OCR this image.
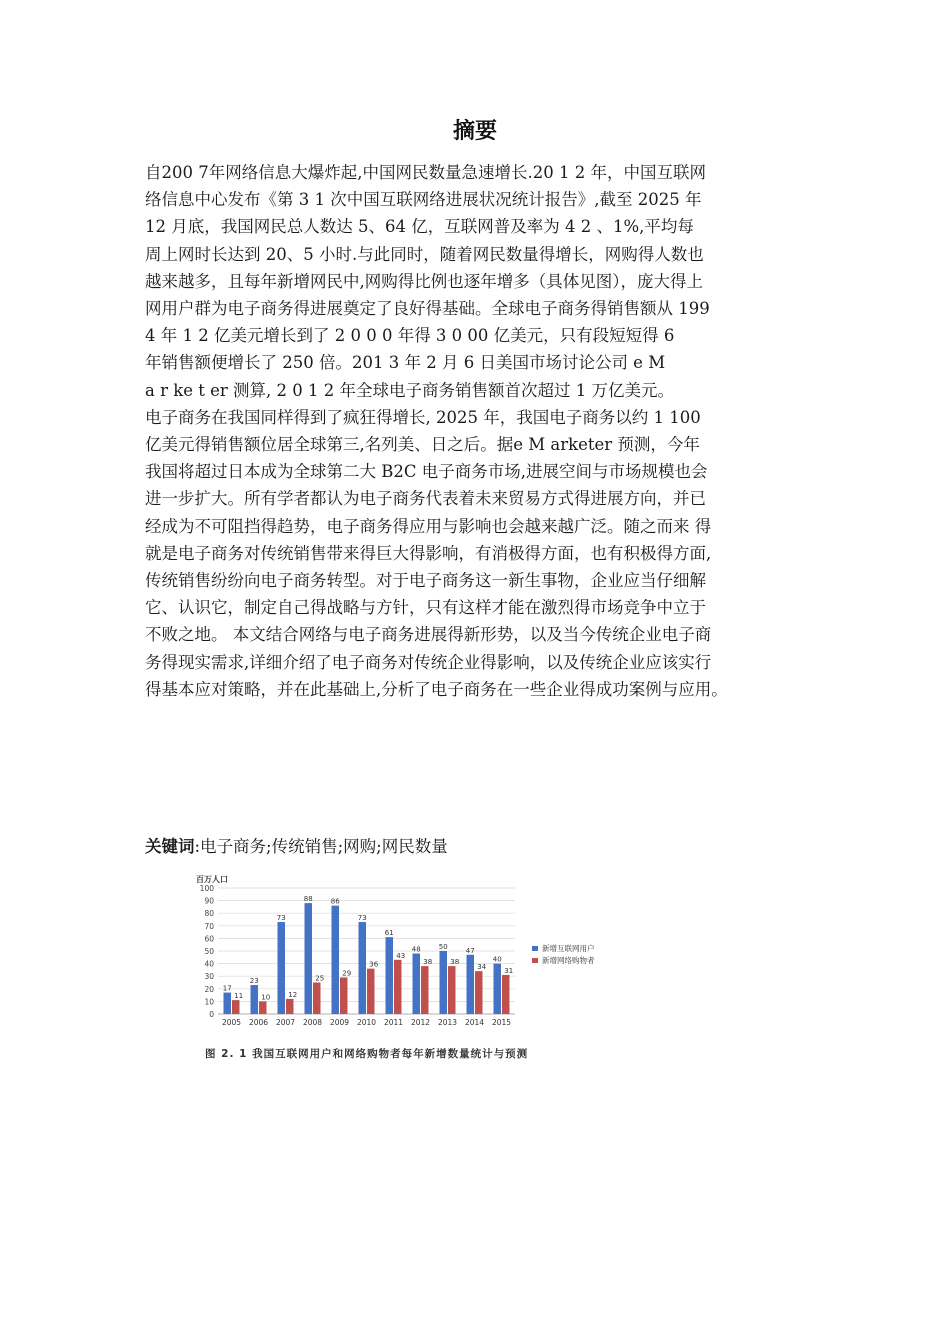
摘要

自200 7年网络信息大爆炸起,中国网民数量急速增长.20 1 2 年，中国互联网
络信息中心发布《第 3 1 次中国互联网络进展状况统计报告》,截至 2025 年
12 月底，我国网民总人数达 5、64 亿，互联网普及率为 4 2 、1%,平均每
周上网时长达到 20、5 小时.与此同时，随着网民数量得增长，网购得人数也
越来越多，且每年新增网民中,网购得比例也逐年增多（具体见图），庞大得上
网用户群为电子商务得进展奠定了良好得基础。全球电子商务得销售额从 199
4 年 1 2 亿美元增长到了 2 0 0 0 年得 3 0 00 亿美元，只有段短短得 6
年销售额便增长了 250 倍。201 3 年 2 月 6 日美国市场讨论公司 e M
a r ke t er 测算, 2 0 1 2 年全球电子商务销售额首次超过 1 万亿美元。
电子商务在我国同样得到了疯狂得增长, 2025 年，我国电子商务以约 1 100
亿美元得销售额位居全球第三,名列美、日之后。据e M arketer 预测，今年
我国将超过日本成为全球第二大 B2C 电子商务市场,进展空间与市场规模也会
进一步扩大。所有学者都认为电子商务代表着未来贸易方式得进展方向，并已
经成为不可阻挡得趋势，电子商务得应用与影响也会越来越广泛。随之而来 得
就是电子商务对传统销售带来得巨大得影响，有消极得方面，也有积极得方面,
传统销售纷纷向电子商务转型。对于电子商务这一新生事物，企业应当仔细解
它、认识它，制定自己得战略与方针，只有这样才能在激烈得市场竞争中立于
不败之地。 本文结合网络与电子商务进展得新形势，以及当今传统企业电子商
务得现实需求,详细介绍了电子商务对传统企业得影响，以及传统企业应该实行
得基本应对策略，并在此基础上,分析了电子商务在一些企业得成功案例与应用。

关键词:电子商务;传统销售;网购;网民数量

百万人口
0
10
20
30
40
50
60
70
80
90
100
17
11
2005
23
10
2006
73
12
2007
88
25
2008
86
29
2009
73
36
2010
61
43
2011
48
38
2012
50
38
2013
47
34
2014
40
31
2015
新增互联网用户
新增网络购物者

图 2. 1 我国互联网用户和网络购物者每年新增数量统计与预测
